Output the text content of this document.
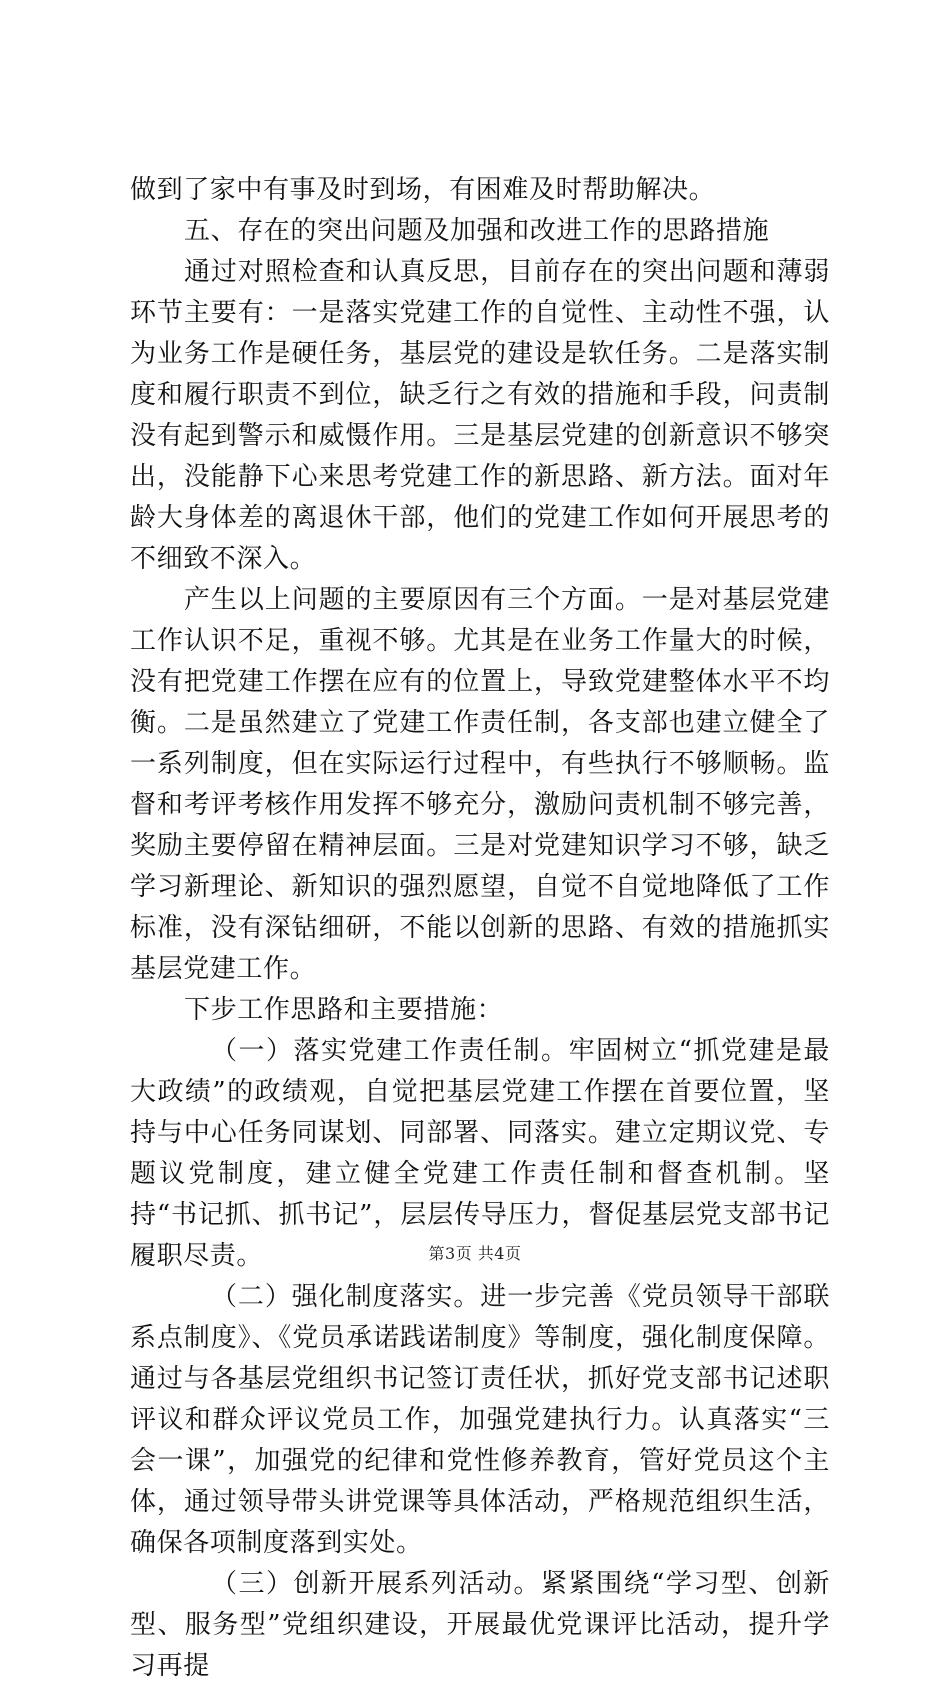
做到了家中有事及时到场，有困难及时帮助解决。

五、存在的突出问题及加强和改进工作的思路措施

通过对照检查和认真反思，目前存在的突出问题和薄弱环节主要有：一是落实党建工作的自觉性、主动性不强，认为业务工作是硬任务，基层党的建设是软任务。二是落实制度和履行职责不到位，缺乏行之有效的措施和手段，问责制没有起到警示和威慑作用。三是基层党建的创新意识不够突出，没能静下心来思考党建工作的新思路、新方法。面对年龄大身体差的离退休干部，他们的党建工作如何开展思考的不细致不深入。

产生以上问题的主要原因有三个方面。一是对基层党建工作认识不足，重视不够。尤其是在业务工作量大的时候，没有把党建工作摆在应有的位置上，导致党建整体水平不均衡。二是虽然建立了党建工作责任制，各支部也建立健全了一系列制度，但在实际运行过程中，有些执行不够顺畅。监督和考评考核作用发挥不够充分，激励问责机制不够完善，奖励主要停留在精神层面。三是对党建知识学习不够，缺乏学习新理论、新知识的强烈愿望，自觉不自觉地降低了工作标准，没有深钻细研，不能以创新的思路、有效的措施抓实基层党建工作。

下步工作思路和主要措施：

（一）落实党建工作责任制。牢固树立“抓党建是最大政绩”的政绩观，自觉把基层党建工作摆在首要位置，坚持与中心任务同谋划、同部署、同落实。建立定期议党、专题议党制度，建立健全党建工作责任制和督查机制。坚持“书记抓、抓书记”，层层传导压力，督促基层党支部书记履职尽责。

（二）强化制度落实。进一步完善《党员领导干部联系点制度》、《党员承诺践诺制度》等制度，强化制度保障。通过与各基层党组织书记签订责任状，抓好党支部书记述职评议和群众评议党员工作，加强党建执行力。认真落实“三会一课”，加强党的纪律和党性修养教育，管好党员这个主体，通过领导带头讲党课等具体活动，严格规范组织生活，确保各项制度落到实处。

（三）创新开展系列活动。紧紧围绕“学习型、创新型、服务型”党组织建设，开展最优党课评比活动，提升学习再提

第3页 共4页
